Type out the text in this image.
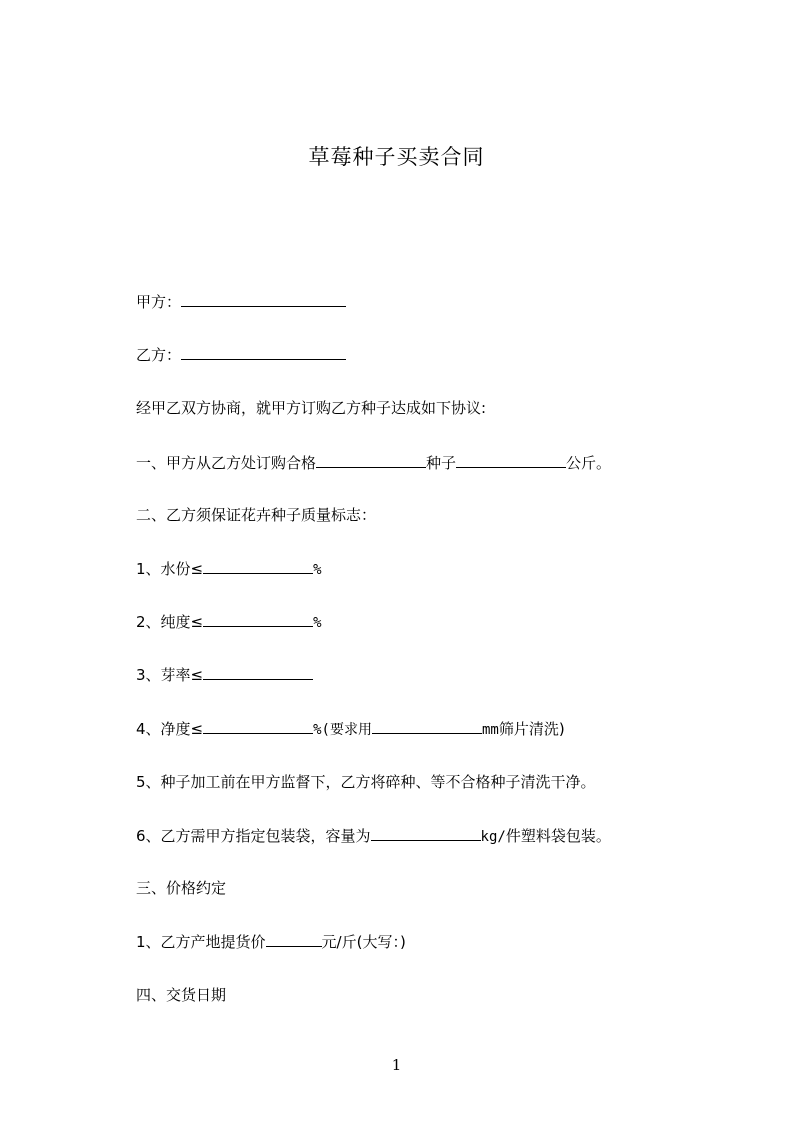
草莓种子买卖合同
甲方：
乙方：
经甲乙双方协商，就甲方订购乙方种子达成如下协议:
一、甲方从乙方处订购合格	种子	公斤。
二、乙方须保证花卉种子质量标志：
1、水份≤	%
2、纯度≤	%
3、芽率≤
4、净度≤	%(要求用	mm筛片清洗)
5、种子加工前在甲方监督下，乙方将碎种、等不合格种子清洗干净。
6、乙方需甲方指定包装袋，容量为	kg/件塑料袋包装。
三、价格约定
1、乙方产地提货价	元/斤(大写：)
四、交货日期
1
